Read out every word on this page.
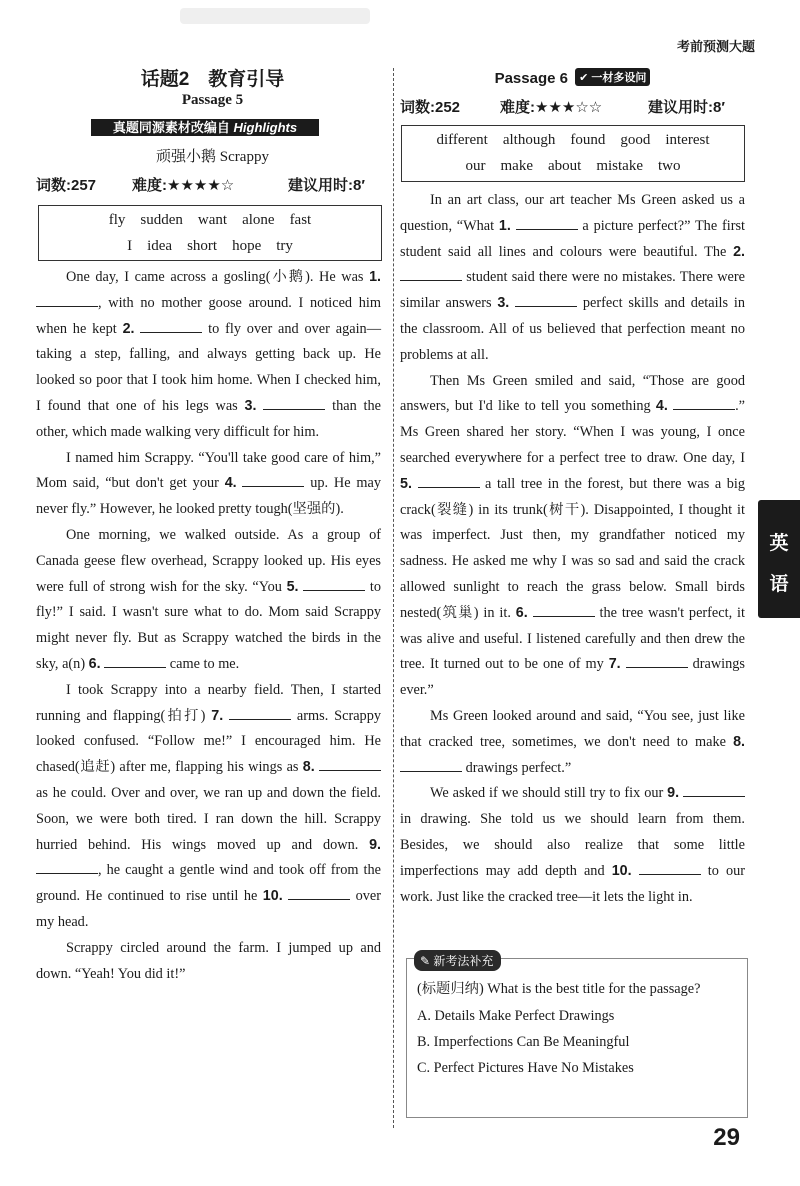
考前预测大题
话题2　教育引导
Passage 5
真题同源素材改编自 Highlights
顽强小鹅 Scrappy
词数:257 难度:★★★★☆	建议用时:8′
fly　sudden　want　alone　fast
I　idea　short　hope　try

One day, I came across a gosling(小鹅). He was 1. , with no mother goose around. I noticed him when he kept 2.	to fly over and over again—taking a step, falling, and always getting back up. He looked so poor that I took him home. When I checked him, I found that one of his legs was 3.	than the other, which made walking very difficult for him.

I named him Scrappy. “You'll take good care of him,” Mom said, “but don't get your 4.	up. He may never fly.” However, he looked pretty tough(坚强的).

One morning, we walked outside. As a group of Canada geese flew overhead, Scrappy looked up. His eyes were full of strong wish for the sky. “You 5.	to fly!” I said. I wasn't sure what to do. Mom said Scrappy might never fly. But as Scrappy watched the birds in the sky, a(n) 6.	came to me.

I took Scrappy into a nearby field. Then, I started running and flapping(拍打) 7.	arms. Scrappy looked confused. “Follow me!” I encouraged him. He chased(追赶) after me, flapping his wings as 8.  as he could. Over and over, we ran up and down the field. Soon, we were both tired. I ran down the hill. Scrappy hurried behind. His wings moved up and down. 9. , he caught a gentle wind and took off from the ground. He continued to rise until he 10.	over my head.

Scrappy circled around the farm. I jumped up and down. “Yeah! You did it!”

Passage 6 ✔ 一材多设问
词数:252	难度:★★★☆☆	建议用时:8′
different　although　found　good　interest
our　make　about　mistake　two

In an art class, our art teacher Ms Green asked us a question, “What 1.	a picture perfect?” The first student said all lines and colours were beautiful. The 2.  student said there were no mistakes. There were similar answers 3.	perfect skills and details in the classroom. All of us believed that perfection meant no problems at all.

Then Ms Green smiled and said, “Those are good answers, but I'd like to tell you something 4.	.” Ms Green shared her story. “When I was young, I once searched everywhere for a perfect tree to draw. One day, I 5.	a tall tree in the forest, but there was a big crack(裂缝) in its trunk(树干). Disappointed, I thought it was imperfect. Just then, my grandfather noticed my sadness. He asked me why I was so sad and said the crack allowed sunlight to reach the grass below. Small birds nested(筑巢) in it. 6.	the tree wasn't perfect, it was alive and useful. I listened carefully and then drew the tree. It turned out to be one of my 7.	drawings ever.”

Ms Green looked around and said, “You see, just like that cracked tree, sometimes, we don't need to make 8.  drawings perfect.”

We asked if we should still try to fix our 9.  in drawing. She told us we should learn from them. Besides, we should also realize that some little imperfections may add depth and 10.	to our work. Just like the cracked tree—it lets the light in.

(标题归纳) What is the best title for the passage?
A. Details Make Perfect Drawings
B. Imperfections Can Be Meaningful
C. Perfect Pictures Have No Mistakes
✎ 新考法补充
英
语
29
